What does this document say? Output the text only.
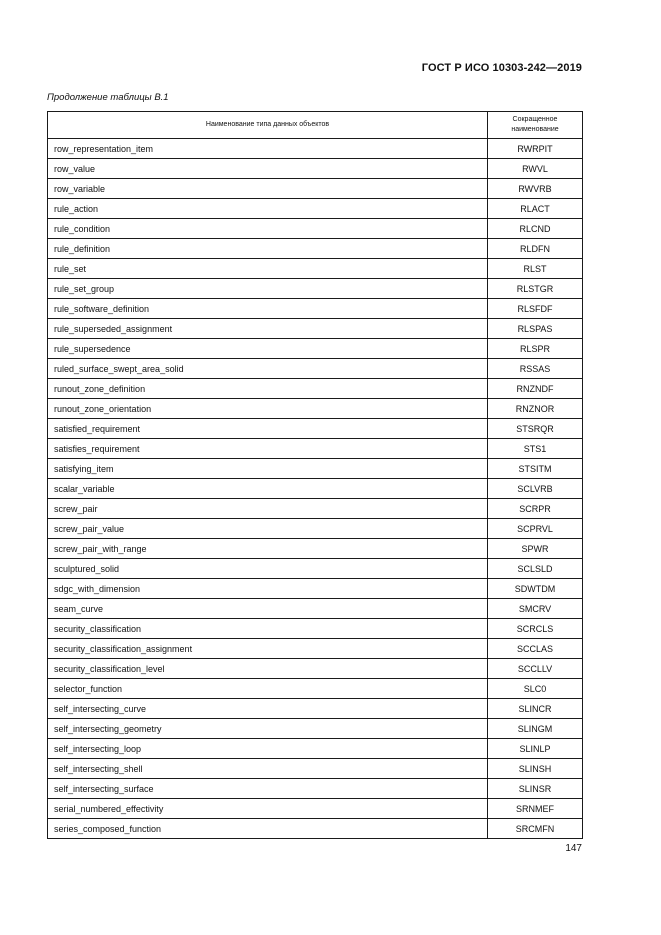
ГОСТ Р ИСО 10303-242—2019
Продолжение таблицы В.1
Наименование типа данных объектов	Сокращенное наименование
row_representation_item	RWRPIT
row_value	RWVL
row_variable	RWVRB
rule_action	RLACT
rule_condition	RLCND
rule_definition	RLDFN
rule_set	RLST
rule_set_group	RLSTGR
rule_software_definition	RLSFDF
rule_superseded_assignment	RLSPAS
rule_supersedence	RLSPR
ruled_surface_swept_area_solid	RSSAS
runout_zone_definition	RNZNDF
runout_zone_orientation	RNZNOR
satisfied_requirement	STSRQR
satisfies_requirement	STS1
satisfying_item	STSITM
scalar_variable	SCLVRB
screw_pair	SCRPR
screw_pair_value	SCPRVL
screw_pair_with_range	SPWR
sculptured_solid	SCLSLD
sdgc_with_dimension	SDWTDM
seam_curve	SMCRV
security_classification	SCRCLS
security_classification_assignment	SCCLAS
security_classification_level	SCCLLV
selector_function	SLC0
self_intersecting_curve	SLINCR
self_intersecting_geometry	SLINGM
self_intersecting_loop	SLINLP
self_intersecting_shell	SLINSH
self_intersecting_surface	SLINSR
serial_numbered_effectivity	SRNMEF
series_composed_function	SRCMFN
147
